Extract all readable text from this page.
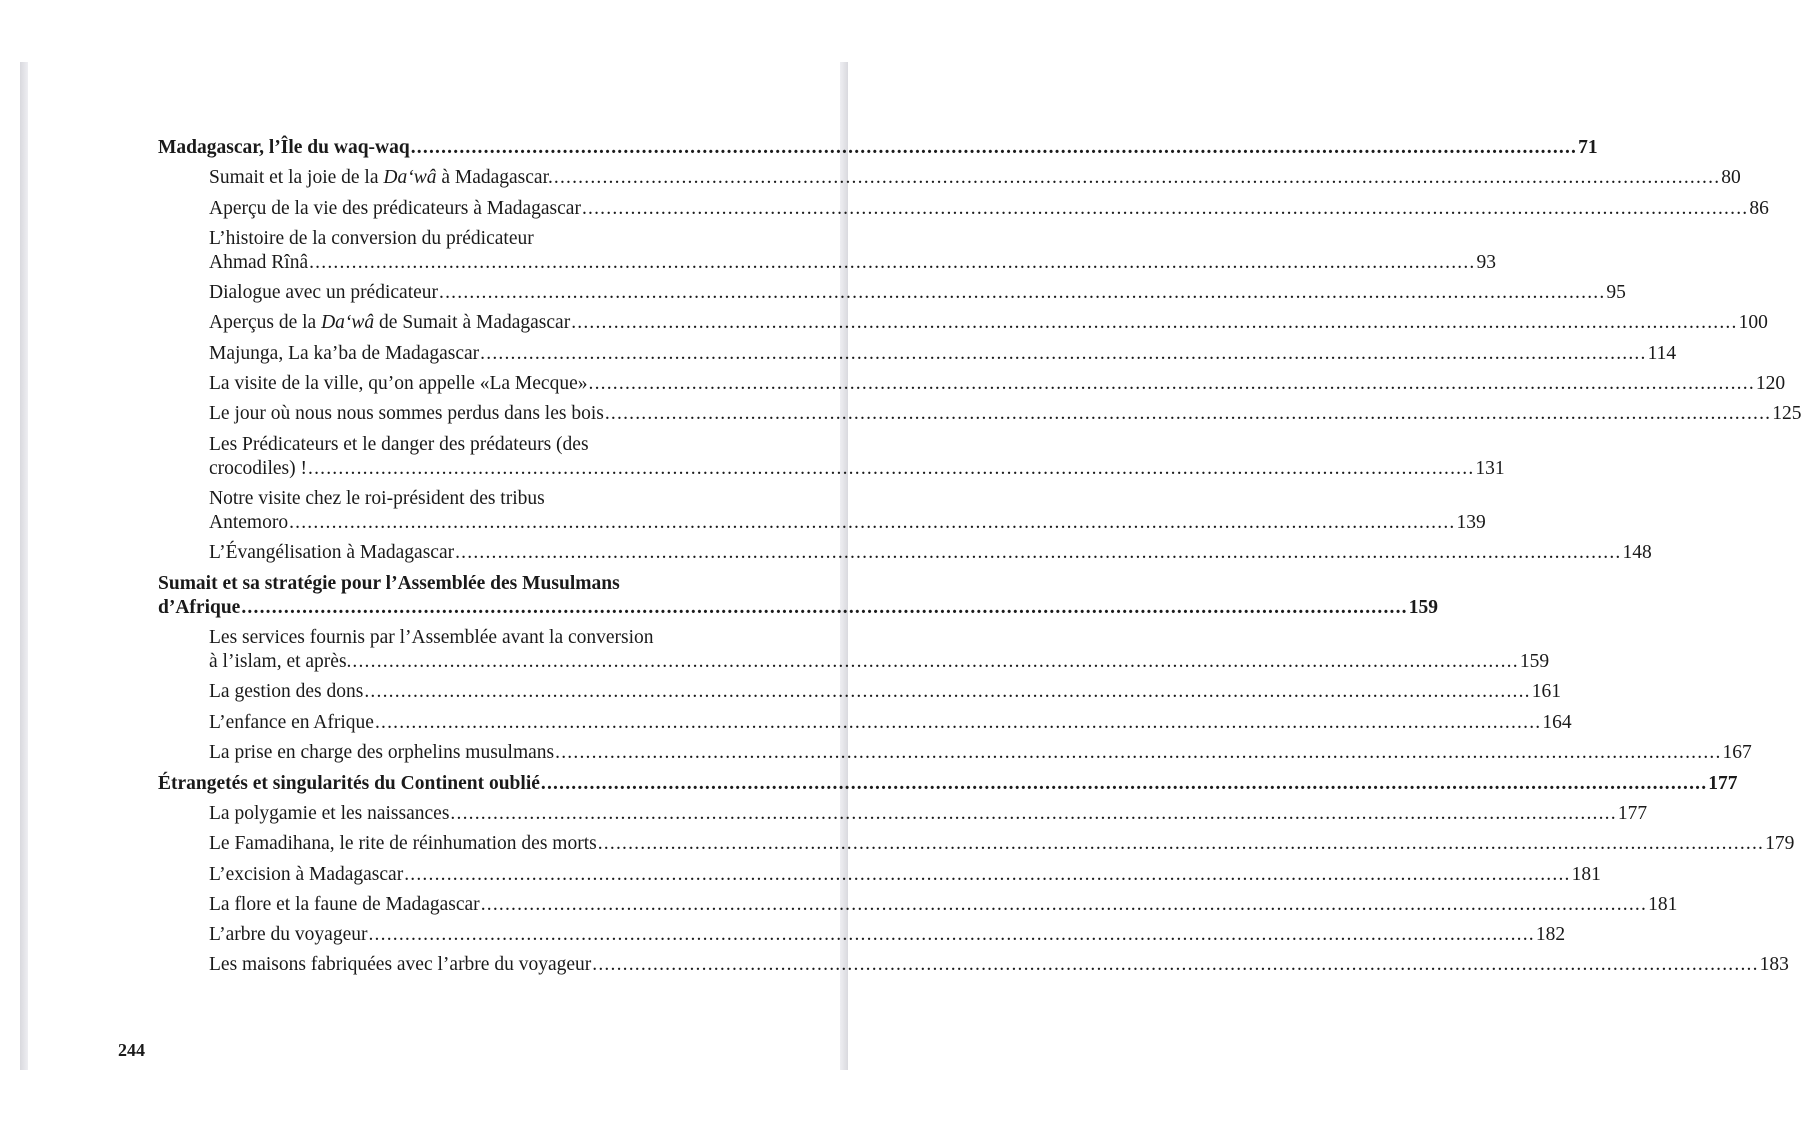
Madagascar, l’Île du waq-waq .....	71
Sumait et la joie de la Da‘wâ à Madagascar. .....	80
Aperçu de la vie des prédicateurs à Madagascar .....	86
L’histoire de la conversion du prédicateur
Ahmad Rînâ .....	93
Dialogue avec un prédicateur .....	95
Aperçus de la Da‘wâ de Sumait à Madagascar .....	100
Majunga, La ka’ba de Madagascar .....	114
La visite de la ville, qu’on appelle «La Mecque» .....	120
Le jour où nous nous sommes perdus dans les bois .....	125
Les Prédicateurs et le danger des prédateurs (des
crocodiles) ! .....	131
Notre visite chez le roi-président des tribus
Antemoro .....	139
L’Évangélisation à Madagascar .....	148
Sumait et sa stratégie pour l’Assemblée des Musulmans
d’Afrique .....	159
Les services fournis par l’Assemblée avant la conversion
à l’islam, et après. .....	159
La gestion des dons .....	161
L’enfance en Afrique .....	164
La prise en charge des orphelins musulmans .....	167
Étrangetés et singularités du Continent oublié .....	177
La polygamie et les naissances .....	177
Le Famadihana, le rite de réinhumation des morts .....	179
L’excision à Madagascar .....	181
La flore et la faune de Madagascar .....	181
L’arbre du voyageur .....	182
Les maisons fabriquées avec l’arbre du voyageur .....	183
244
